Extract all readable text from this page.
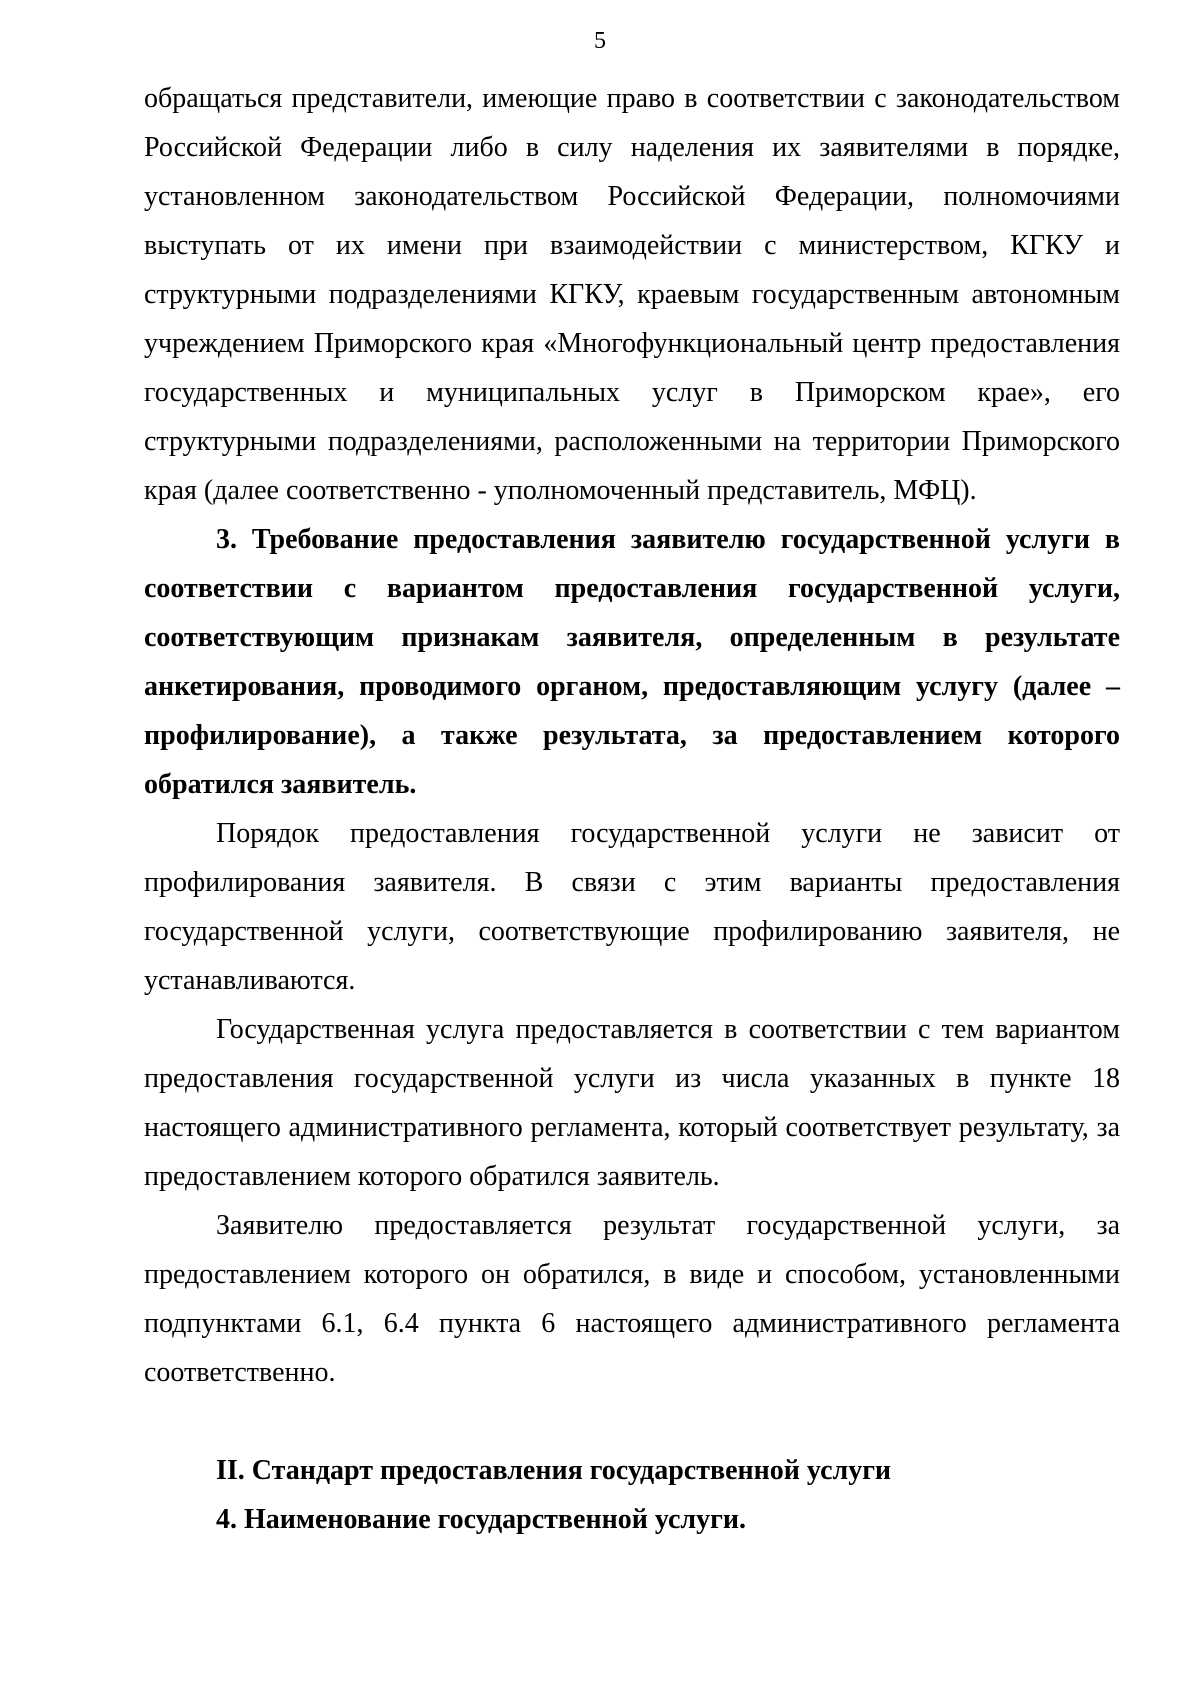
5

обращаться представители, имеющие право в соответствии с законодательством Российской Федерации либо в силу наделения их заявителями в порядке, установленном законодательством Российской Федерации, полномочиями выступать от их имени при взаимодействии с министерством, КГКУ и структурными подразделениями КГКУ, краевым государственным автономным учреждением Приморского края «Многофункциональный центр предоставления государственных и муниципальных услуг в Приморском крае», его структурными подразделениями, расположенными на территории Приморского края (далее соответственно - уполномоченный представитель, МФЦ).

3. Требование предоставления заявителю государственной услуги в соответствии с вариантом предоставления государственной услуги, соответствующим признакам заявителя, определенным в результате анкетирования, проводимого органом, предоставляющим услугу (далее – профилирование), а также результата, за предоставлением которого обратился заявитель.

Порядок предоставления государственной услуги не зависит от профилирования заявителя. В связи с этим варианты предоставления государственной услуги, соответствующие профилированию заявителя, не устанавливаются.

Государственная услуга предоставляется в соответствии с тем вариантом предоставления государственной услуги из числа указанных в пункте 18 настоящего административного регламента, который соответствует результату, за предоставлением которого обратился заявитель.

Заявителю предоставляется результат государственной услуги, за предоставлением которого он обратился, в виде и способом, установленными подпунктами 6.1, 6.4 пункта 6 настоящего административного регламента соответственно.

II. Стандарт предоставления государственной услуги

4. Наименование государственной услуги.
